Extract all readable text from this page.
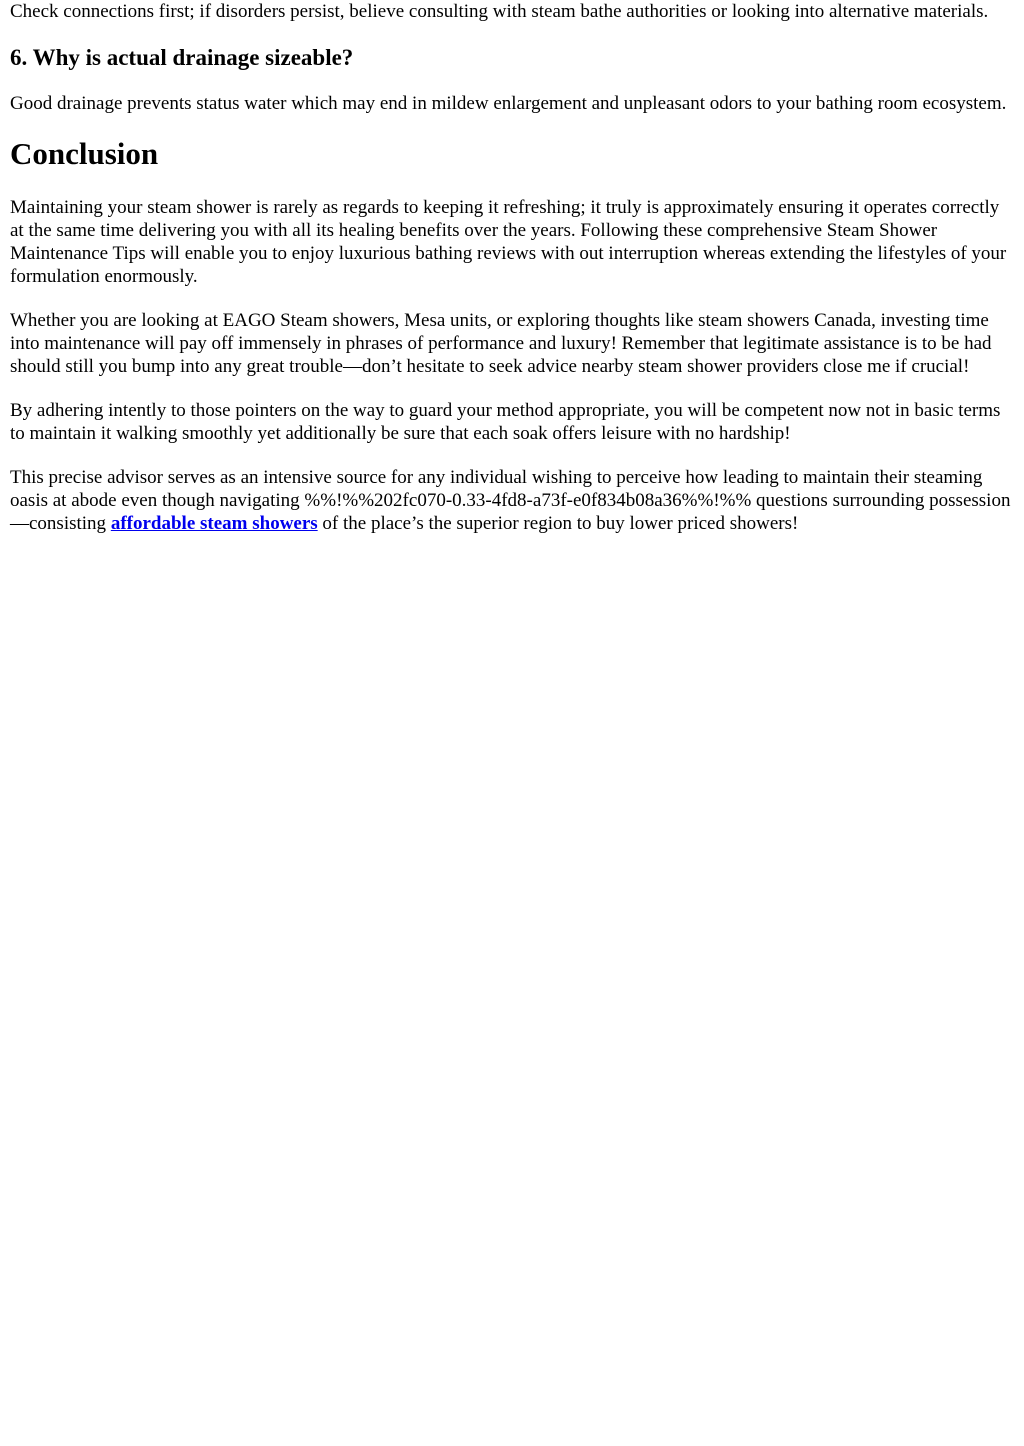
Check connections first; if disorders persist, believe consulting with steam bathe authorities or looking into alternative materials.

6. Why is actual drainage sizeable?

Good drainage prevents status water which may end in mildew enlargement and unpleasant odors to your bathing room ecosystem.

Conclusion

Maintaining your steam shower is rarely as regards to keeping it refreshing; it truly is approximately ensuring it operates correctly at the same time delivering you with all its healing benefits over the years. Following these comprehensive Steam Shower Maintenance Tips will enable you to enjoy luxurious bathing reviews with out interruption whereas extending the lifestyles of your formulation enormously.

Whether you are looking at EAGO Steam showers, Mesa units, or exploring thoughts like steam showers Canada, investing time into maintenance will pay off immensely in phrases of performance and luxury! Remember that legitimate assistance is to be had should still you bump into any great trouble—don’t hesitate to seek advice nearby steam shower providers close me if crucial!

By adhering intently to those pointers on the way to guard your method appropriate, you will be competent now not in basic terms to maintain it walking smoothly yet additionally be sure that each soak offers leisure with no hardship!

This precise advisor serves as an intensive source for any individual wishing to perceive how leading to maintain their steaming oasis at abode even though navigating %%!%%202fc070-0.33-4fd8-a73f-e0f834b08a36%%!%% questions surrounding possession—consisting affordable steam showers of the place’s the superior region to buy lower priced showers!
